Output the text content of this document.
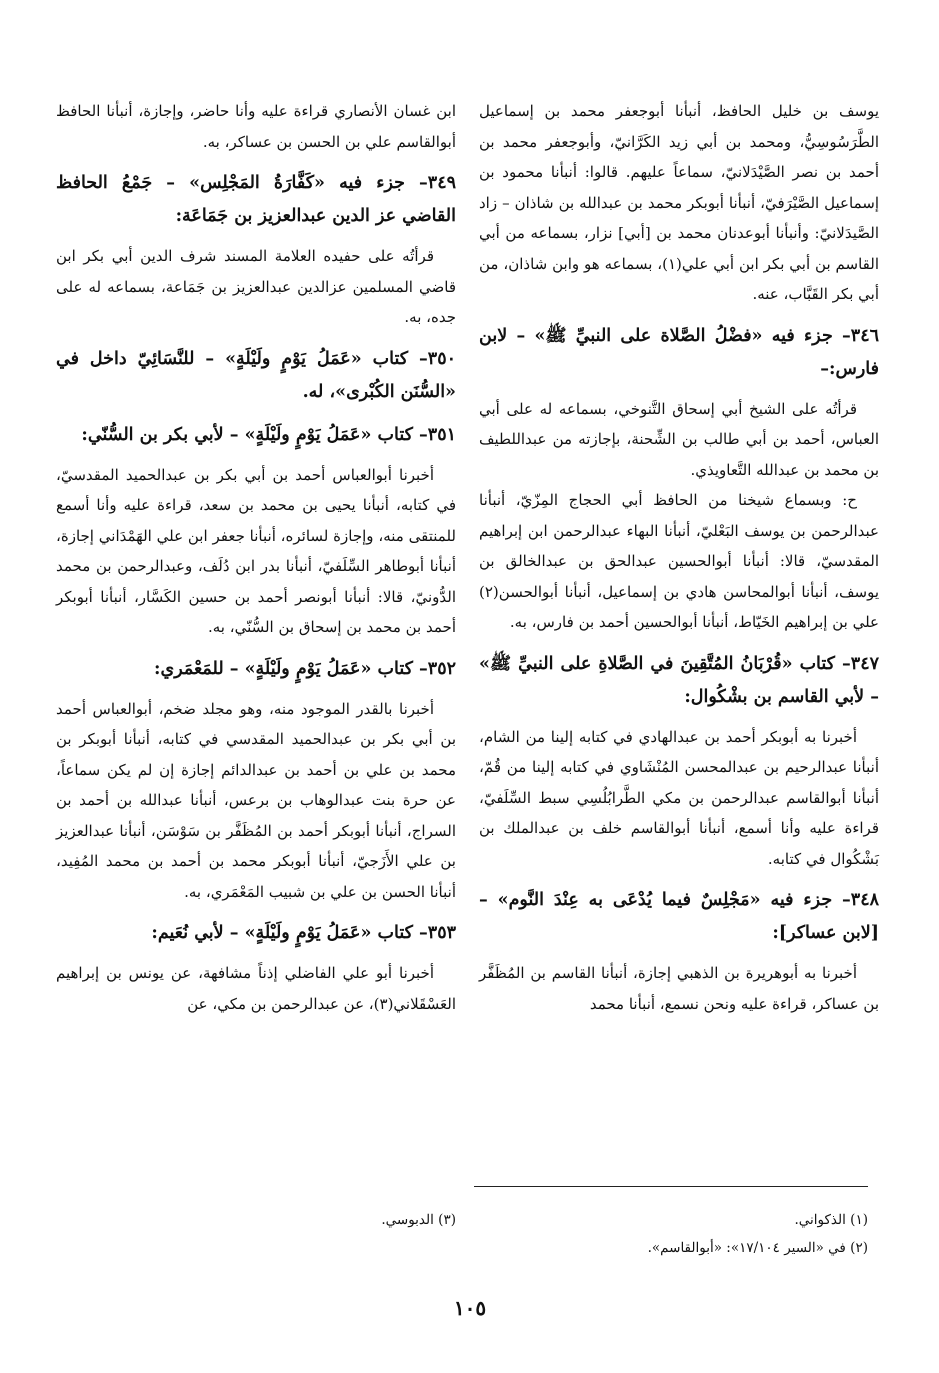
يوسف بن خليل الحافظ، أنبأنا أبوجعفر محمد بن إسماعيل الطَّرَسُوسِيُّ، ومحمد بن أبي زيد الكَرَّانيّ، وأبوجعفر محمد بن أحمد بن نصر الصَّيْدَلانيّ، سماعاً عليهم. قالوا: أنبأنا محمود بن إسماعيل الصَّيْرَفيّ، أنبأنا أبوبكر محمد بن عبدالله بن شاذان – زاد الصَّيدَلانيّ: وأنبأنا أبوعدنان محمد بن [أبي] نزار، بسماعه من أبي القاسم بن أبي بكر ابن أبي علي(١)، بسماعه هو وابن شاذان، من أبي بكر القَبَّاب، عنه.

٣٤٦– جزء فيه «فضْلُ الصَّلاة على النبيِّ ﷺ» – لابن فارس:–

قرأتُه على الشيخ أبي إسحاق التَّنوخي، بسماعه له على أبي العباس، أحمد بن أبي طالب بن الشِّحنة، بإجازته من عبداللطيف بن محمد بن عبدالله التَّعاويذي.

ح: وبسماع شيخنا من الحافظ أبي الحجاج المِزّيّ، أنبأنا عبدالرحمن بن يوسف البَعْليّ، أنبأنا البهاء عبدالرحمن ابن إبراهيم المقدسيّ، قالا: أنبأنا أبوالحسين عبدالحق بن عبدالخالق بن يوسف، أنبأنا أبوالمحاسن هادي بن إسماعيل، أنبأنا أبوالحسن(٢) علي بن إبراهيم الخَيّاط، أنبأنا أبوالحسين أحمد بن فارس، به.

٣٤٧– كتاب «قُرْبَانُ المُتَّقِينَ في الصَّلاةِ على النبيِّ ﷺ» – لأبي القاسم بن بشْكُوال:

أخبرنا به أبوبكر أحمد بن عبدالهادي في كتابه إلينا من الشام، أنبأنا عبدالرحيم بن عبدالمحسن المُنْشَاوي في كتابه إلينا من قُمّ، أنبأنا أبوالقاسم عبدالرحمن بن مكي الطَّرابُلُسِي سبط السِّلَفيّ، قراءة عليه وأنا أسمع، أنبأنا أبوالقاسم خلف بن عبدالملك بن بَشْكُوال في كتابه.

٣٤٨– جزء فيه «مَجْلِسٌ فيما يُدْعَى به عِنْدَ النَّوم» – [لابن عساكر]:

أخبرنا به أبوهريرة بن الذهبي إجازة، أنبأنا القاسم بن المُظَفَّر بن عساكر، قراءة عليه ونحن نسمع، أنبأنا محمد

ابن غسان الأنصاري قراءة عليه وأنا حاضر، وإجازة، أنبأنا الحافظ أبوالقاسم علي بن الحسن بن عساكر، به.

٣٤٩– جزء فيه «كَفَّارَةُ المَجْلِس» – جَمْعُ الحافظ القاضي عز الدين عبدالعزيز بن جَمَاعَة:

قرأتُه على حفيده العلامة المسند شرف الدين أبي بكر ابن قاضي المسلمين عزالدين عبدالعزيز بن جَمَاعة، بسماعه له على جده، به.

٣٥٠– كتاب «عَمَلُ يَوْمٍ ولَيْلَةٍ» – للنَّسَائِيّ داخل في «السُّنَن الكُبْرى»، له.
٣٥١– كتاب «عَمَلُ يَوْمٍ ولَيْلَةٍ» – لأبي بكر بن السُّنّي:

أخبرنا أبوالعباس أحمد بن أبي بكر بن عبدالحميد المقدسيّ، في كتابه، أنبأنا يحيى بن محمد بن سعد، قراءة عليه وأنا أسمع للمنتقى منه، وإجازة لسائره، أنبأنا جعفر ابن علي الهَمْدَاني إجازة، أنبأنا أبوطاهر السِّلَفيّ، أنبأنا بدر ابن دُلَف، وعبدالرحمن بن محمد الدُّونيّ، قالا: أنبأنا أبونصر أحمد بن حسين الكَسَّار، أنبأنا أبوبكر أحمد بن محمد بن إسحاق بن السُّنّي، به.

٣٥٢– كتاب «عَمَلُ يَوْمٍ ولَيْلَةٍ» – للمَعْمَري:

أخبرنا بالقدر الموجود منه، وهو مجلد ضخم، أبوالعباس أحمد بن أبي بكر بن عبدالحميد المقدسي في كتابه، أنبأنا أبوبكر بن محمد بن علي بن أحمد بن عبدالدائم إجازة إن لم يكن سماعاً، عن حرة بنت عبدالوهاب بن برعس، أنبأنا عبدالله بن أحمد بن السراج، أنبأنا أبوبكر أحمد بن المُظَفَّر بن سَوْسَن، أنبأنا عبدالعزيز بن علي الأَزَجيّ، أنبأنا أبوبكر محمد بن أحمد بن محمد المُفِيد، أنبأنا الحسن بن علي بن شبيب المَعْمَري، به.

٣٥٣– كتاب «عَمَلُ يَوْمٍ ولَيْلَةٍ» – لأبي نُعَيم:

أخبرنا أبو علي الفاضلي إذناً مشافهة، عن يونس بن إبراهيم العَسْقَلاني(٣)، عن عبدالرحمن بن مكي، عن

(١) الذكواني.
(٢) في «السير ١٧/١٠٤»: «أبوالقاسم».
(٣) الدبوسي.
١٠٥
